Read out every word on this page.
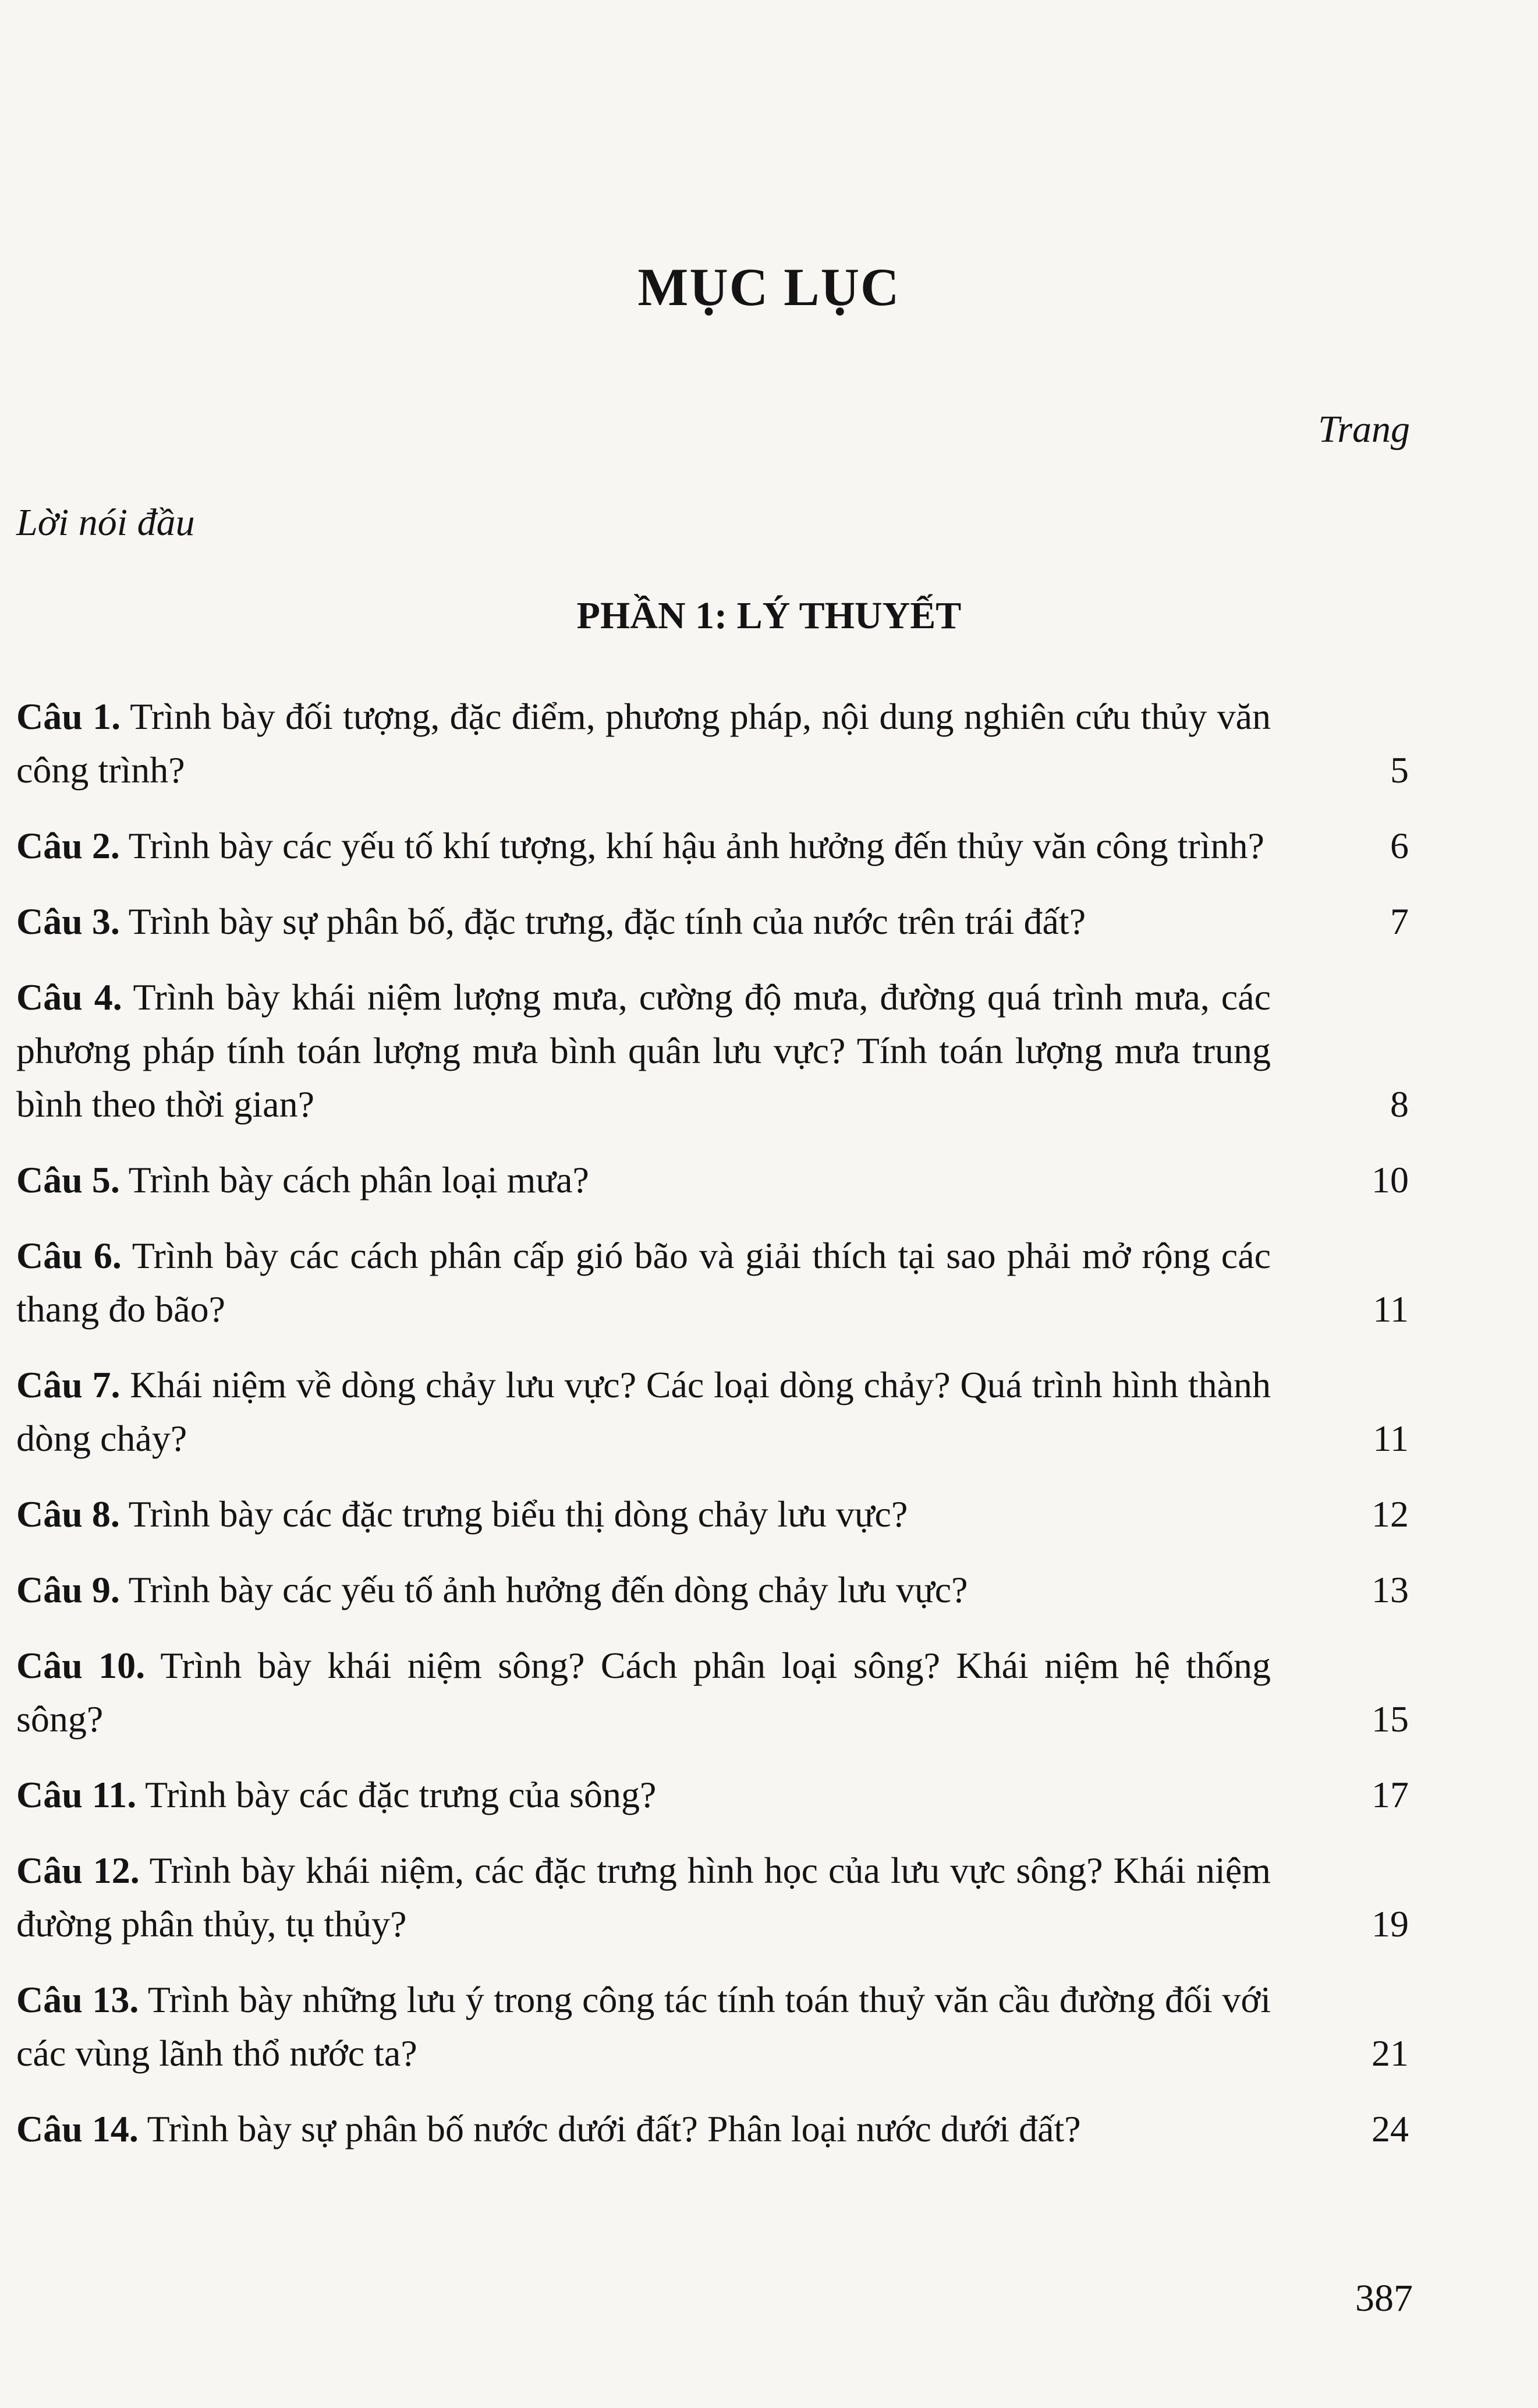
MỤC LỤC
Trang
Lời nói đầu
PHẦN 1: LÝ THUYẾT
Câu 1. Trình bày đối tượng, đặc điểm, phương pháp, nội dung nghiên cứu thủy văn công trình?	5
Câu 2. Trình bày các yếu tố khí tượng, khí hậu ảnh hưởng đến thủy văn công trình?	6
Câu 3. Trình bày sự phân bố, đặc trưng, đặc tính của nước trên trái đất?	7
Câu 4. Trình bày khái niệm lượng mưa, cường độ mưa, đường quá trình mưa, các phương pháp tính toán lượng mưa bình quân lưu vực? Tính toán lượng mưa trung bình theo thời gian?	8
Câu 5. Trình bày cách phân loại mưa?	10
Câu 6. Trình bày các cách phân cấp gió bão và giải thích tại sao phải mở rộng các thang đo bão?	11
Câu 7. Khái niệm về dòng chảy lưu vực? Các loại dòng chảy? Quá trình hình thành dòng chảy?	11
Câu 8. Trình bày các đặc trưng biểu thị dòng chảy lưu vực?	12
Câu 9. Trình bày các yếu tố ảnh hưởng đến dòng chảy lưu vực?	13
Câu 10. Trình bày khái niệm sông? Cách phân loại sông? Khái niệm hệ thống sông?	15
Câu 11. Trình bày các đặc trưng của sông?	17
Câu 12. Trình bày khái niệm, các đặc trưng hình học của lưu vực sông? Khái niệm đường phân thủy, tụ thủy?	19
Câu 13. Trình bày những lưu ý trong công tác tính toán thuỷ văn cầu đường đối với các vùng lãnh thổ nước ta?	21
Câu 14. Trình bày sự phân bố nước dưới đất? Phân loại nước dưới đất?	24
387
